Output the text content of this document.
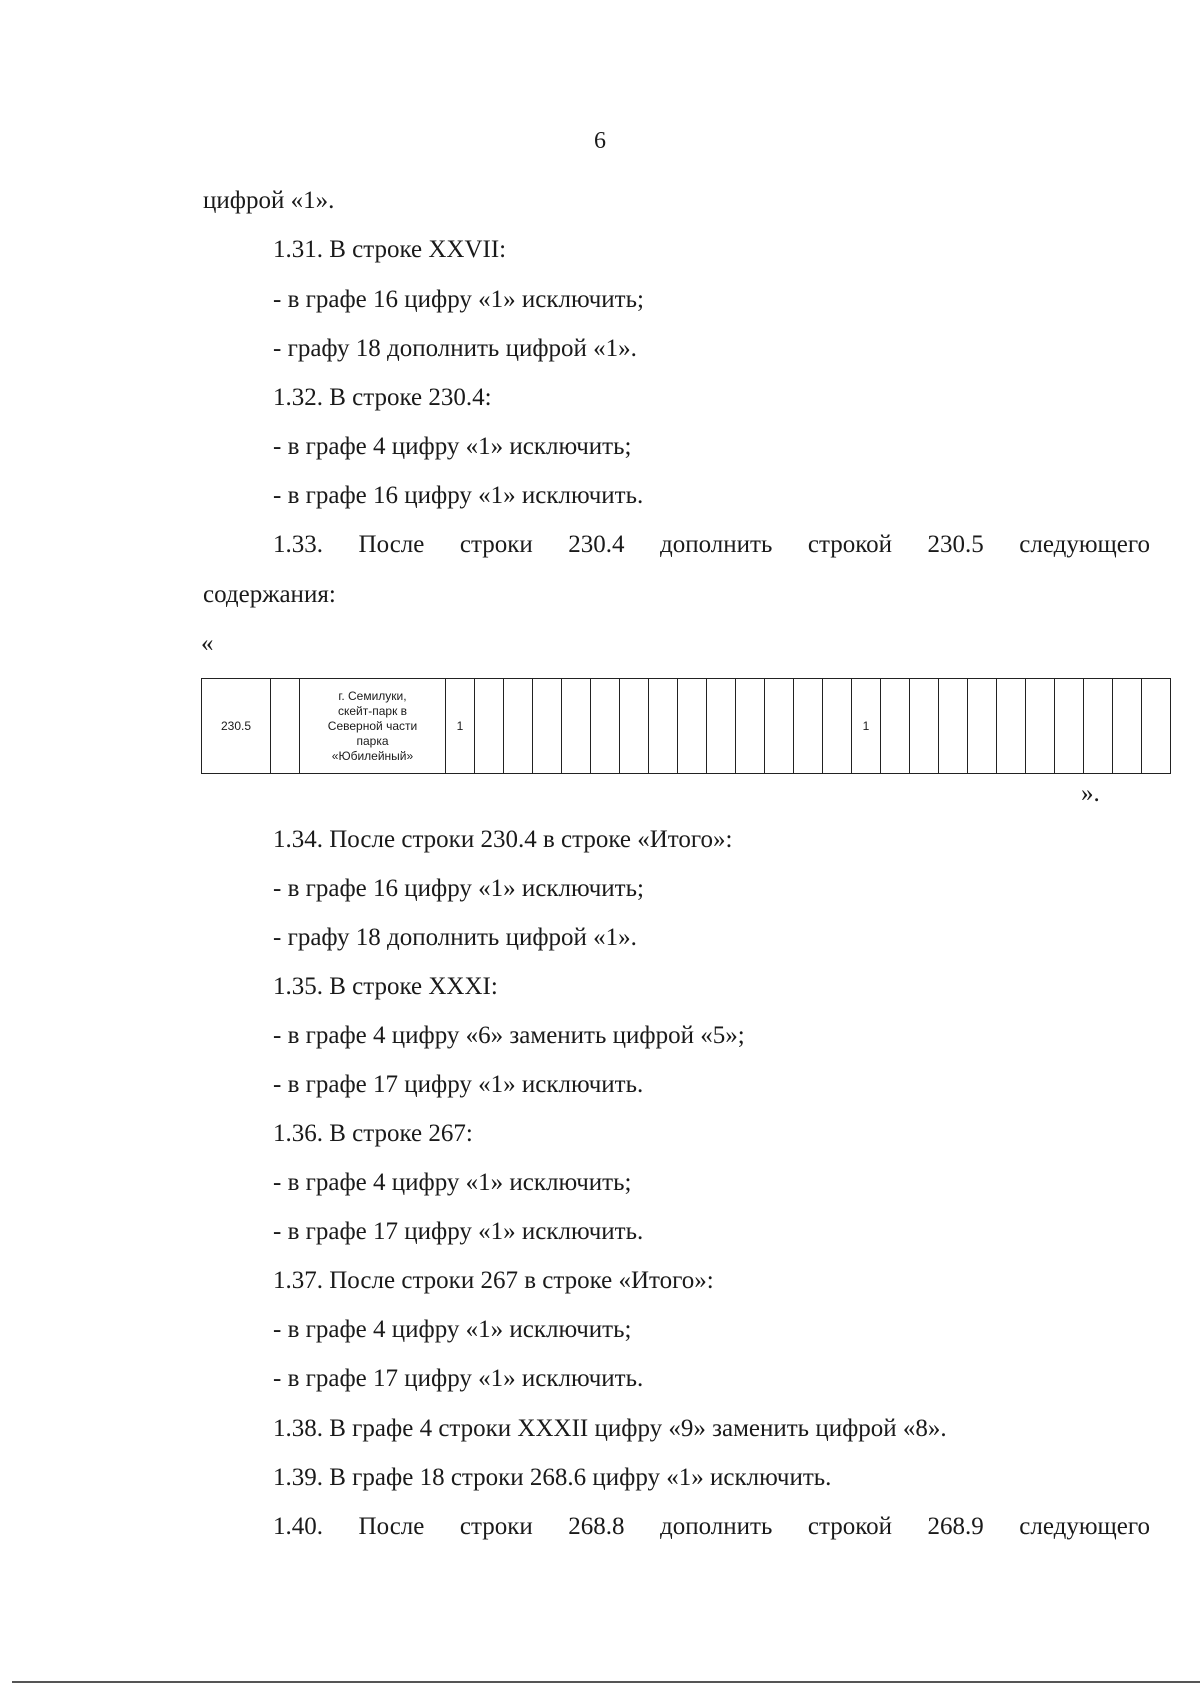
6
цифрой «1».
1.31. В строке XXVII:
- в графе 16 цифру «1» исключить;
- графу 18 дополнить цифрой «1».
1.32. В строке 230.4:
- в графе 4 цифру «1» исключить;
- в графе 16 цифру «1» исключить.
1.33. После строки 230.4 дополнить строкой 230.5 следующего
содержания:
«
230.5		г. Семилуки,
скейт-парк в
Северной части
парка
«Юбилейный»	1														1										
».
1.34. После строки 230.4 в строке «Итого»:
- в графе 16 цифру «1» исключить;
- графу 18 дополнить цифрой «1».
1.35. В строке XXXI:
- в графе 4 цифру «6» заменить цифрой «5»;
- в графе 17 цифру «1» исключить.
1.36. В строке 267:
- в графе 4 цифру «1» исключить;
- в графе 17 цифру «1» исключить.
1.37. После строки 267 в строке «Итого»:
- в графе 4 цифру «1» исключить;
- в графе 17 цифру «1» исключить.
1.38. В графе 4 строки XXXII цифру «9» заменить цифрой «8».
1.39. В графе 18 строки 268.6 цифру «1» исключить.
1.40. После строки 268.8 дополнить строкой 268.9 следующего
